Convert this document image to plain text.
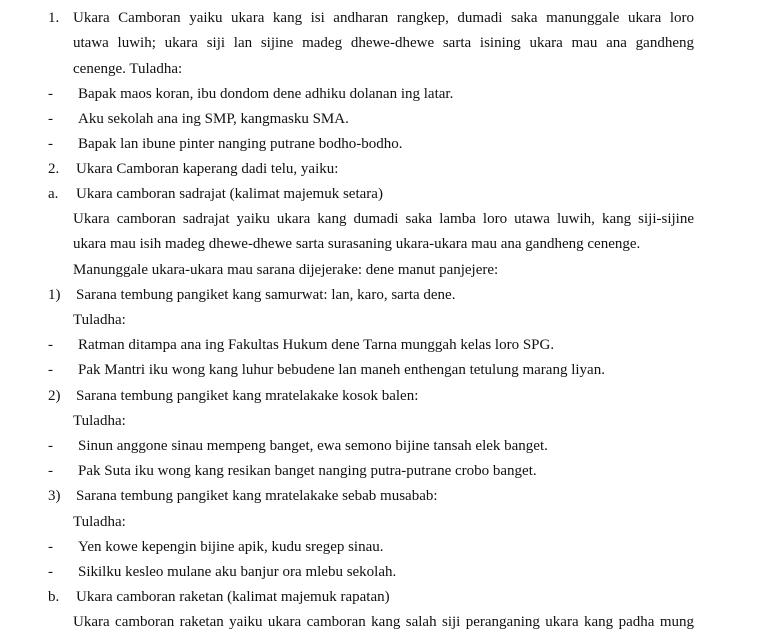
1. Ukara Camboran yaiku ukara kang isi andharan rangkep, dumadi saka manunggale ukara loro
utawa luwih; ukara siji lan sijine madeg dhewe-dhewe sarta isining ukara mau ana gandheng
cenenge. Tuladha:
- Bapak maos koran, ibu dondom dene adhiku dolanan ing latar.
- Aku sekolah ana ing SMP, kangmasku SMA.
- Bapak lan ibune pinter nanging putrane bodho-bodho.
2. Ukara Camboran kaperang dadi telu, yaiku:
a. Ukara camboran sadrajat (kalimat majemuk setara)
Ukara camboran sadrajat yaiku ukara kang dumadi saka lamba loro utawa luwih, kang siji-sijine
ukara mau isih madeg dhewe-dhewe sarta surasaning ukara-ukara mau ana gandheng cenenge.
Manunggale ukara-ukara mau sarana dijejerake: dene manut panjejere:
1) Sarana tembung pangiket kang samurwat: lan, karo, sarta dene.
Tuladha:
- Ratman ditampa ana ing Fakultas Hukum dene Tarna munggah kelas loro SPG.
- Pak Mantri iku wong kang luhur bebudene lan maneh enthengan tetulung marang liyan.
2) Sarana tembung pangiket kang mratelakake kosok balen:
Tuladha:
- Sinun anggone sinau mempeng banget, ewa semono bijine tansah elek banget.
- Pak Suta iku wong kang resikan banget nanging putra-putrane crobo banget.
3) Sarana tembung pangiket kang mratelakake sebab musabab:
Tuladha:
- Yen kowe kepengin bijine apik, kudu sregep sinau.
- Sikilku kesleo mulane aku banjur ora mlebu sekolah.
b. Ukara camboran raketan (kalimat majemuk rapatan)
Ukara camboran raketan yaiku ukara camboran kang salah siji peranganing ukara kang padha mung
